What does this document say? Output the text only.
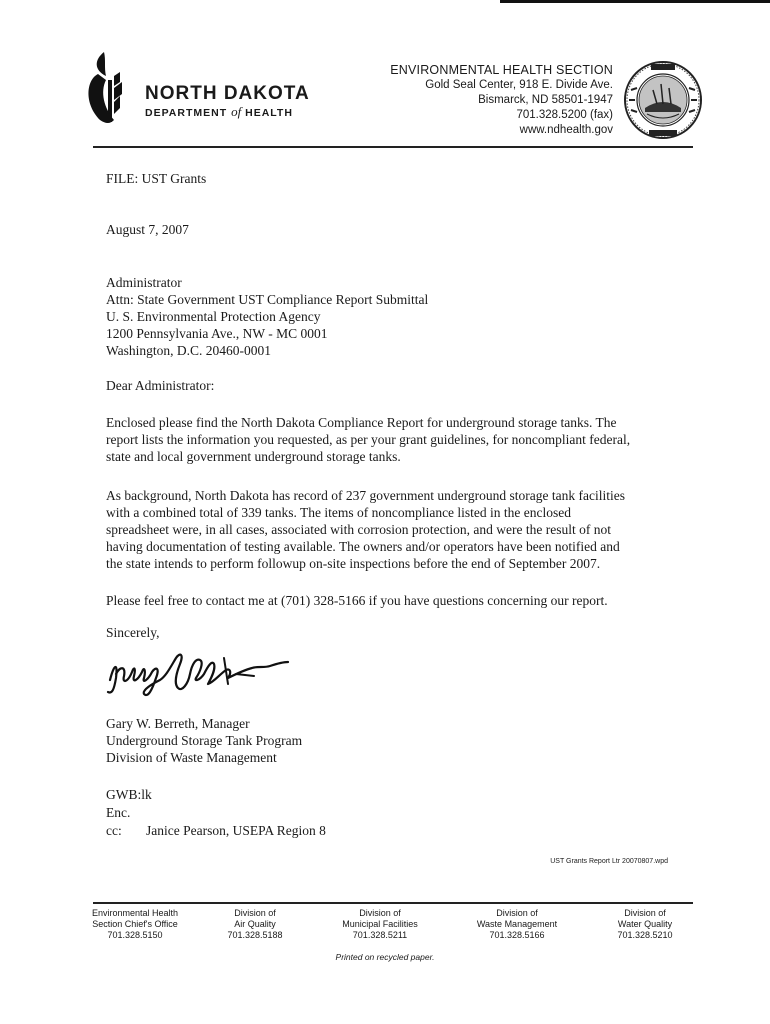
NORTH DAKOTA
DEPARTMENT of HEALTH
ENVIRONMENTAL HEALTH SECTION
Gold Seal Center, 918 E. Divide Ave.
Bismarck, ND 58501-1947
701.328.5200 (fax)
www.ndhealth.gov
FILE: UST Grants
August 7, 2007
Administrator
Attn: State Government UST Compliance Report Submittal
U. S. Environmental Protection Agency
1200 Pennsylvania Ave., NW - MC 0001
Washington, D.C. 20460-0001
Dear Administrator:
Enclosed please find the North Dakota Compliance Report for underground storage tanks. The
report lists the information you requested, as per your grant guidelines, for noncompliant federal,
state and local government underground storage tanks.
As background, North Dakota has record of 237 government underground storage tank facilities
with a combined total of 339 tanks. The items of noncompliance listed in the enclosed
spreadsheet were, in all cases, associated with corrosion protection, and were the result of not
having documentation of testing available. The owners and/or operators have been notified and
the state intends to perform followup on-site inspections before the end of September 2007.
Please feel free to contact me at (701) 328-5166 if you have questions concerning our report.
Sincerely,
Gary W. Berreth, Manager
Underground Storage Tank Program
Division of Waste Management
GWB:lk
Enc.
cc: Janice Pearson, USEPA Region 8
UST Grants Report Ltr 20070807.wpd
Environmental Health
Section Chief's Office
701.328.5150
Division of
Air Quality
701.328.5188
Division of
Municipal Facilities
701.328.5211
Division of
Waste Management
701.328.5166
Division of
Water Quality
701.328.5210
Printed on recycled paper.
